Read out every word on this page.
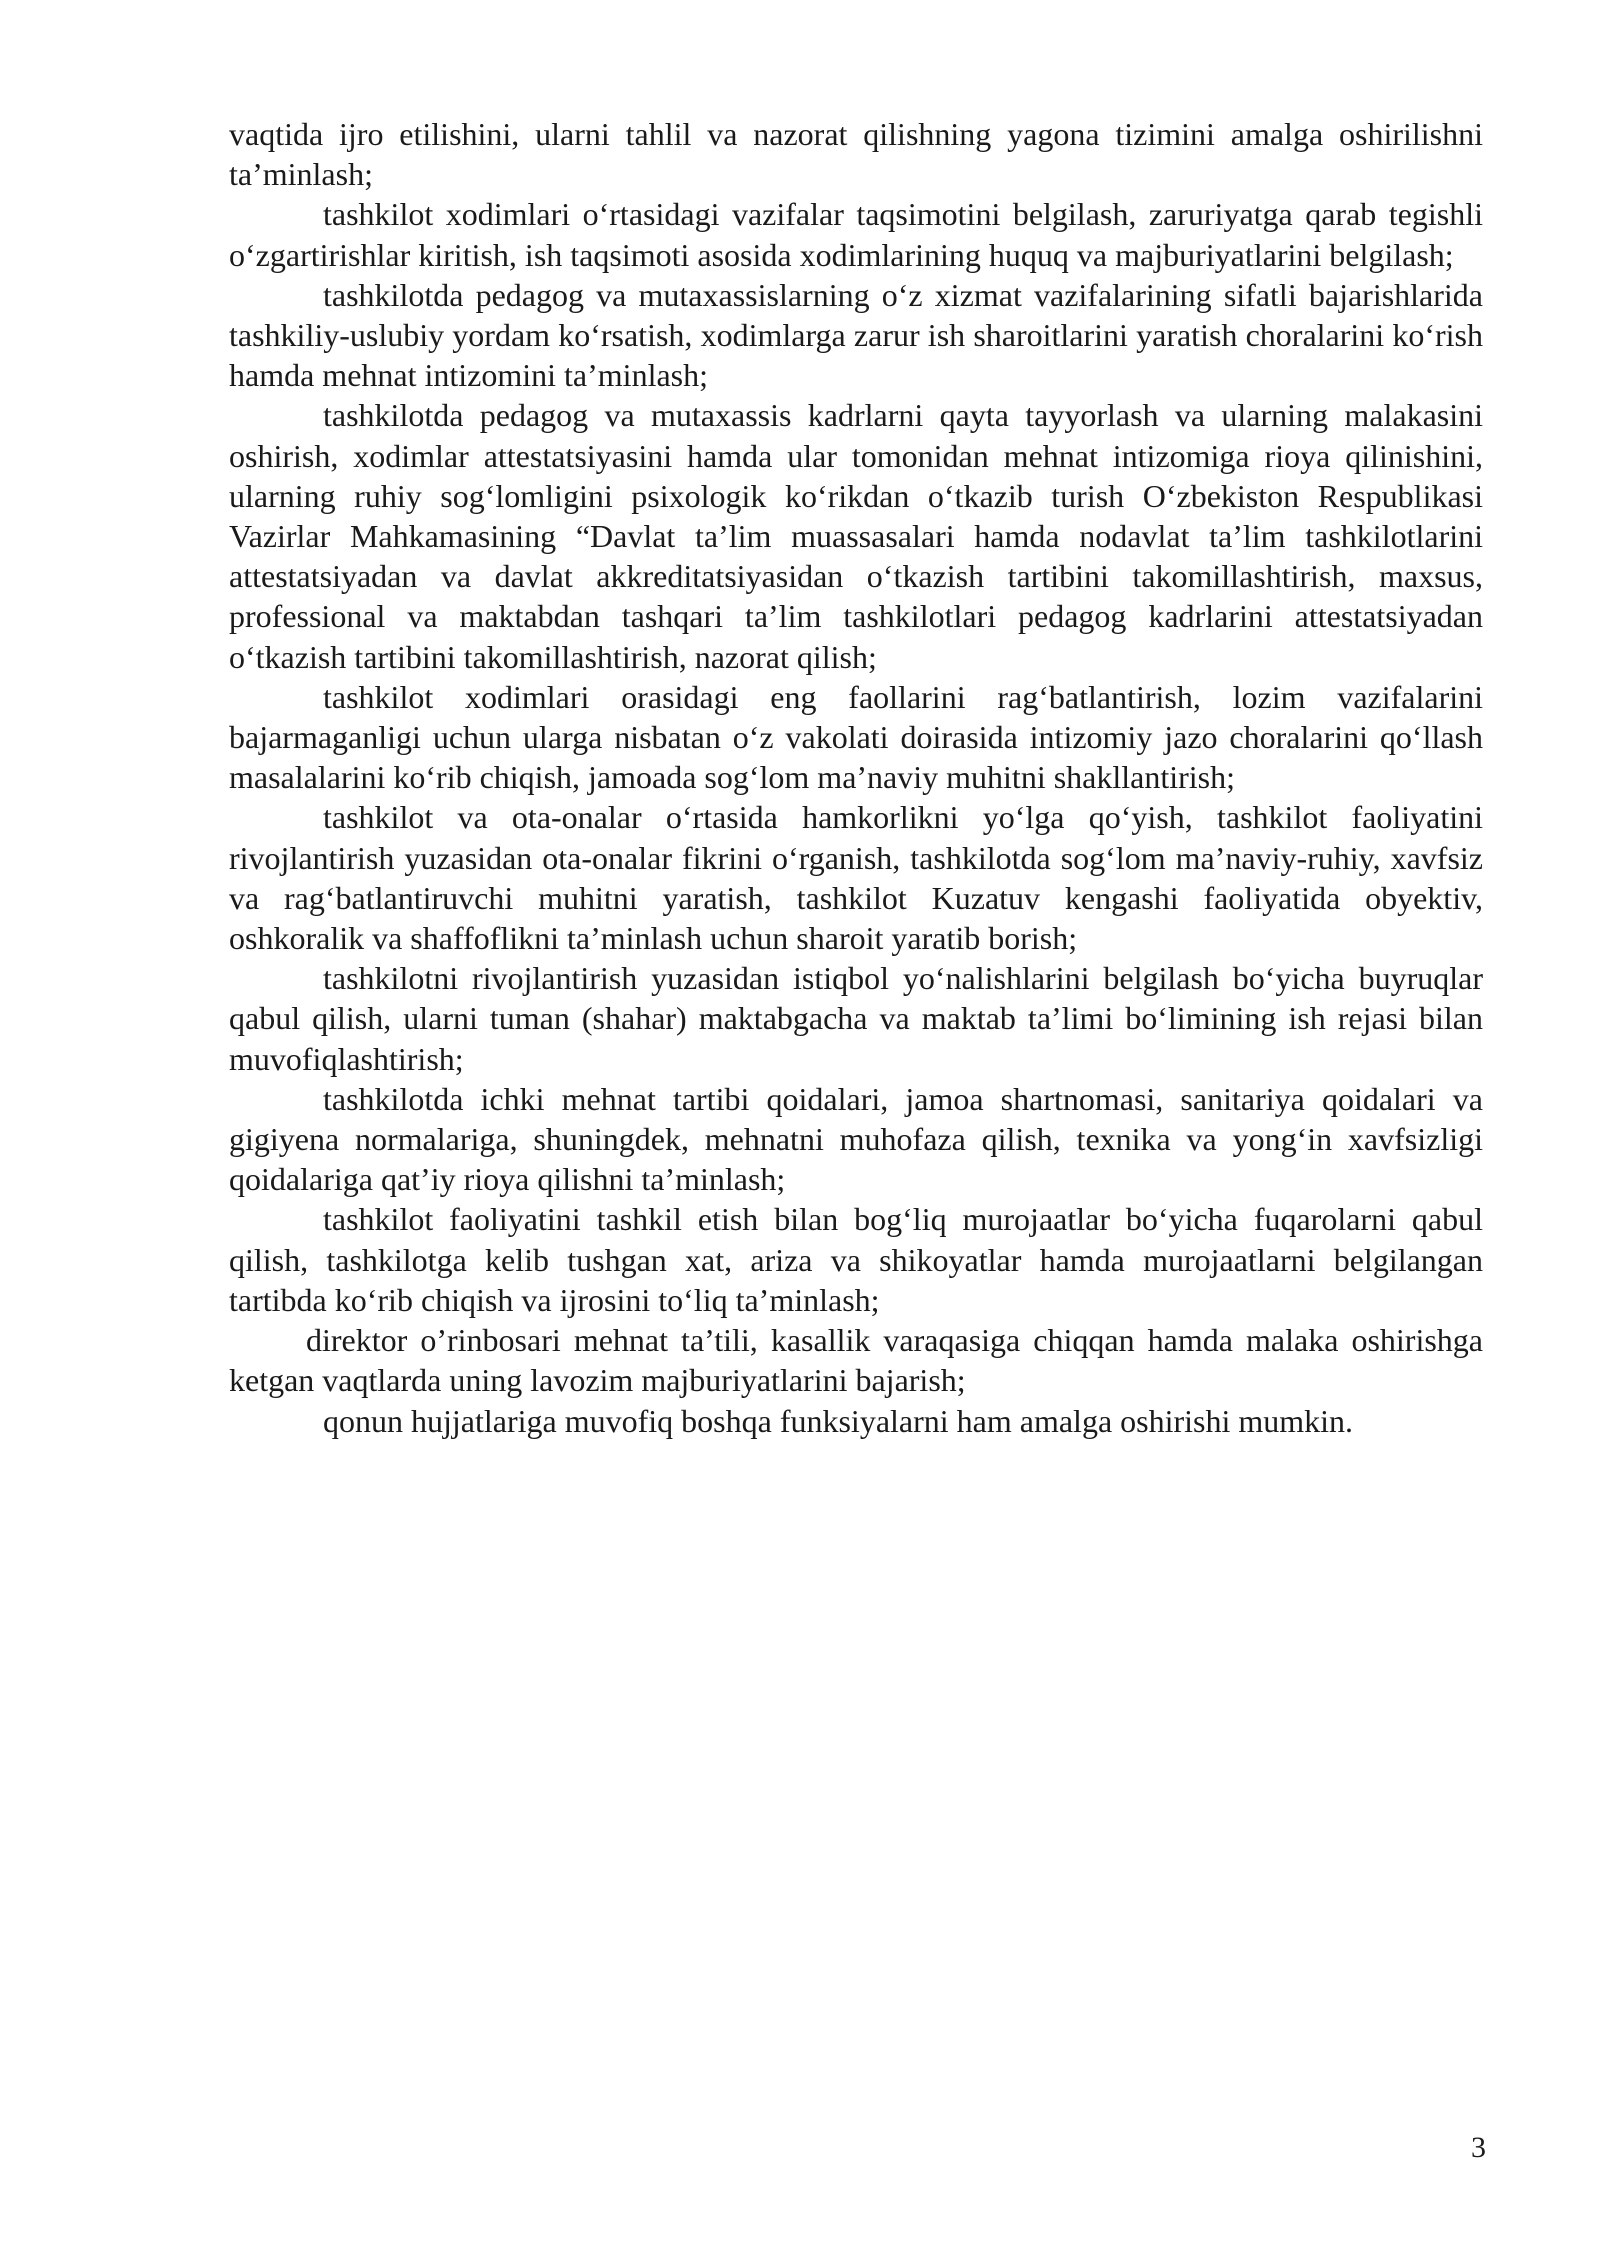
vaqtida ijro etilishini, ularni tahlil va nazorat qilishning yagona tizimini amalga oshirilishni ta’minlash;

tashkilot xodimlari o‘rtasidagi vazifalar taqsimotini belgilash, zaruriyatga qarab tegishli o‘zgartirishlar kiritish, ish taqsimoti asosida xodimlarining huquq va majburiyatlarini belgilash;

tashkilotda pedagog va mutaxassislarning o‘z xizmat vazifalarining sifatli bajarishlarida tashkiliy-uslubiy yordam ko‘rsatish, xodimlarga zarur ish sharoitlarini yaratish choralarini ko‘rish hamda mehnat intizomini ta’minlash;

tashkilotda pedagog va mutaxassis kadrlarni qayta tayyorlash va ularning malakasini oshirish, xodimlar attestatsiyasini hamda ular tomonidan mehnat intizomiga rioya qilinishini, ularning ruhiy sog‘lomligini psixologik ko‘rikdan o‘tkazib turish O‘zbekiston Respublikasi Vazirlar Mahkamasining “Davlat ta’lim muassasalari hamda nodavlat ta’lim tashkilotlarini attestatsiyadan va davlat akkreditatsiyasidan o‘tkazish tartibini takomillashtirish, maxsus, professional va maktabdan tashqari ta’lim tashkilotlari pedagog kadrlarini attestatsiyadan o‘tkazish tartibini takomillashtirish, nazorat qilish;

tashkilot xodimlari orasidagi eng faollarini rag‘batlantirish, lozim vazifalarini bajarmaganligi uchun ularga nisbatan o‘z vakolati doirasida intizomiy jazo choralarini qo‘llash masalalarini ko‘rib chiqish, jamoada sog‘lom ma’naviy muhitni shakllantirish;

tashkilot va ota-onalar o‘rtasida hamkorlikni yo‘lga qo‘yish, tashkilot faoliyatini rivojlantirish yuzasidan ota-onalar fikrini o‘rganish, tashkilotda sog‘lom ma’naviy-ruhiy, xavfsiz va rag‘batlantiruvchi muhitni yaratish, tashkilot Kuzatuv kengashi faoliyatida obyektiv, oshkoralik va shaffoflikni ta’minlash uchun sharoit yaratib borish;

tashkilotni rivojlantirish yuzasidan istiqbol yo‘nalishlarini belgilash bo‘yicha buyruqlar qabul qilish, ularni tuman (shahar) maktabgacha va maktab ta’limi bo‘limining ish rejasi bilan muvofiqlashtirish;

tashkilotda ichki mehnat tartibi qoidalari, jamoa shartnomasi, sanitariya qoidalari va gigiyena normalariga, shuningdek, mehnatni muhofaza qilish, texnika va yong‘in xavfsizligi qoidalariga qat’iy rioya qilishni ta’minlash;

tashkilot faoliyatini tashkil etish bilan bog‘liq murojaatlar bo‘yicha fuqarolarni qabul qilish, tashkilotga kelib tushgan xat, ariza va shikoyatlar hamda murojaatlarni belgilangan tartibda ko‘rib chiqish va ijrosini to‘liq ta’minlash;

direktor o’rinbosari mehnat ta’tili, kasallik varaqasiga chiqqan hamda malaka oshirishga ketgan vaqtlarda uning lavozim majburiyatlarini bajarish;

qonun hujjatlariga muvofiq boshqa funksiyalarni ham amalga oshirishi mumkin.

3
